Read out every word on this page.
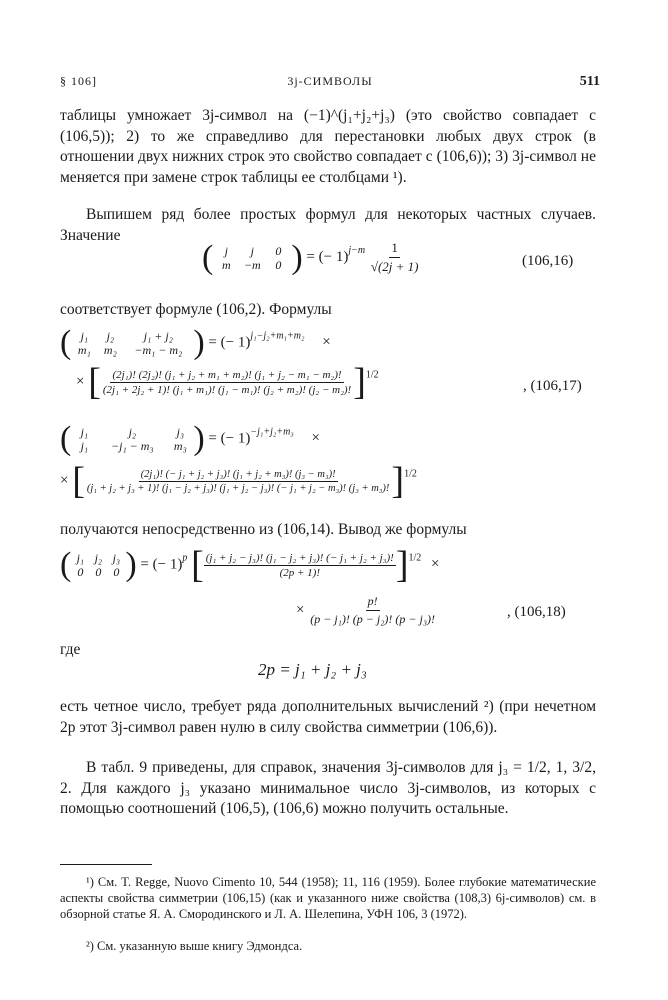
§ 106]	3j-СИМВОЛЫ	511

таблицы умножает 3j-символ на (−1)^(j₁+j₂+j₃) (это свойство совпадает с (106,5)); 2) то же справедливо для перестановки любых двух строк (в отношении двух нижних строк это свойство совпадает с (106,6)); 3) 3j-символ не меняется при замене строк таблицы ее столбцами ¹).

Выпишем ряд более простых формул для некоторых частных случаев. Значение

( j j 0
m −m 0 ) = (− $1)^{j-m} \frac{1}{√(2j + 1)}$	(106,16)

соответствует формуле (106,2). Формулы

( j₁ j₂ j₁ + j₂
m₁ m₂ −m₁ − m₂ ) = (− 1)$^{j_1-j_2+m_1+m_2}$ ×
× [ $\frac{\text{(2j₁)! (2j₂)! (j₁ + j₂ + m₁ + m₂)! (j₁ + j₂ − m₁ − m₂)!}}{\text{(2j₁ + 2j₂ + 1)! (j₁ + m₁)! (j₁ − m₁)! (j₂ + m₂)! (j₂ − m₂)!}} ]^{1/2}$
, (106,17)
( j₁	j₂	j₃
j₁ −j₁ − m₃ m₃ ) = (− 1)$^{-j_1+j_2+m_3}$ ×
× [	(2j₁)! (− j₁ + j₂ + j₃)! (j₁ + j₂ + m₃)! (j₃ − m₃)!
(j₁ + j₂ + j₃ + 1)! (j₁ − j₂ + j₃)! (j₁ + j₂ − j₃)! (− j₁ + j₂ − m₃)! (j₃ + m₃)! ]$^{1/2}$

получаются непосредственно из (106,14). Вывод же формулы

( j₁ j₂ j₃
0 0 0 ) = (− 1)$^p$ [ $\frac{\text{(j₁ + j₂ − j₃)! (j₁ − j₂ + j₃)! (− j₁ + j₂ + j₃)!}}{(2p + 1)!} ]^{1/2}$ ×
× $\frac{p!}{\text{(p − j₁)! (p − j₂)! (p − j₃)!}}$	, (106,18)

где

2p = j₁ + j₂ + j₃

есть четное число, требует ряда дополнительных вычислений ²) (при нечетном 2p этот 3j-символ равен нулю в силу свойства симметрии (106,6)).

В табл. 9 приведены, для справок, значения 3j-символов для j₃ = 1/2, 1, 3/2, 2. Для каждого j₃ указано минимальное число 3j-символов, из которых с помощью соотношений (106,5), (106,6) можно получить остальные.

¹) См. T. Regge, Nuovo Cimento 10, 544 (1958); 11, 116 (1959). Более глубокие математические аспекты свойства симметрии (106,15) (как и указанного ниже свойства (108,3) 6j-символов) см. в обзорной статье Я. А. Смородинского и Л. А. Шелепина, УФН 106, 3 (1972).

²) См. указанную выше книгу Эдмондса.
